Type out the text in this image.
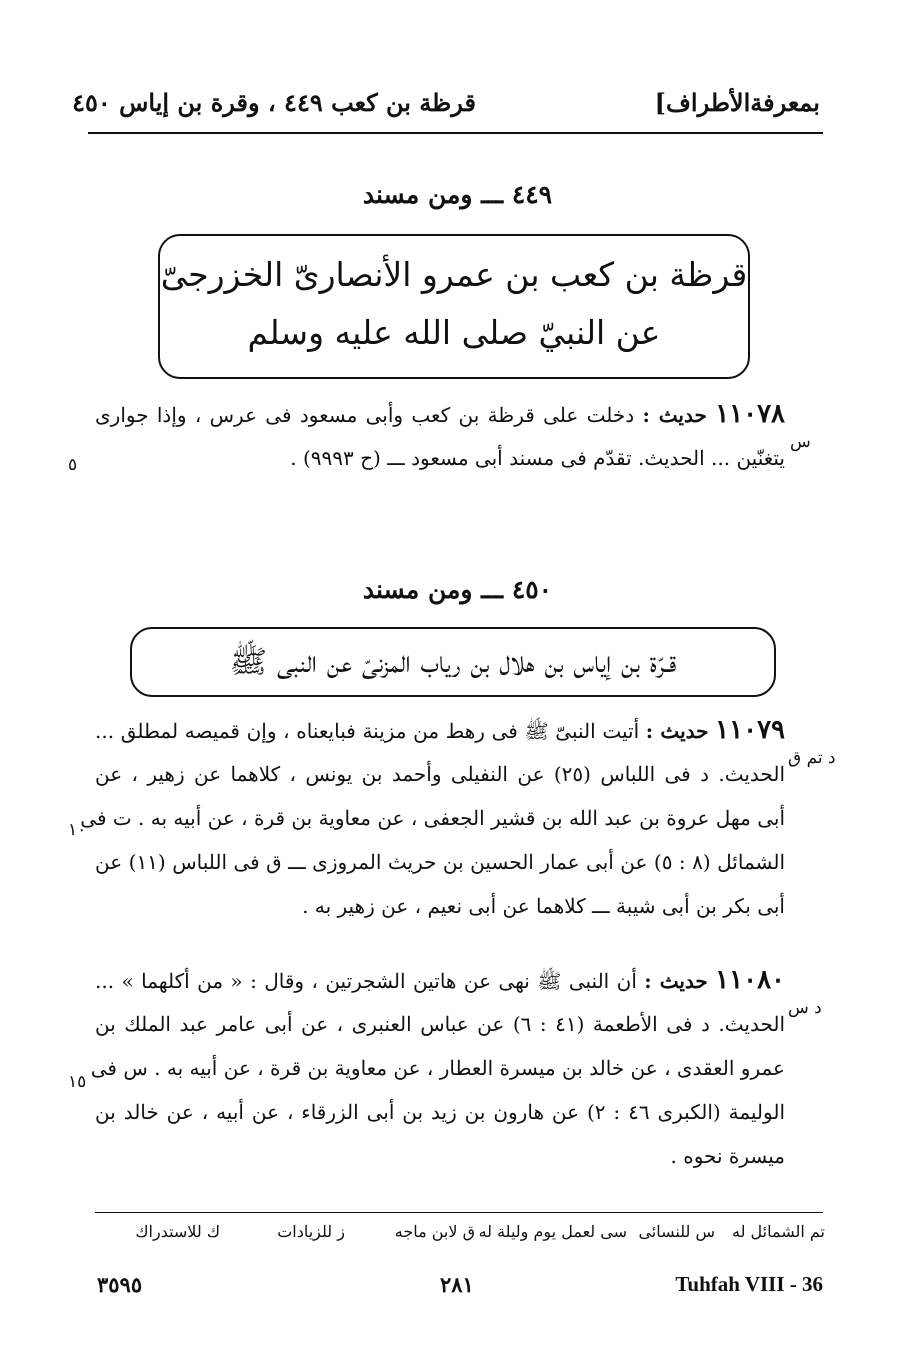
بمعرفةالأطراف]
قرظة بن كعب ٤٤٩ ، وقرة بن إياس ٤٥٠
٤٤٩ ـــ ومن مسند
قرظة بن كعب بن عمرو الأنصارىّ الخزرجىّ
عن النبيّ صلى الله عليه وسلم
١١٠٧٨ حديث : دخلت على قرظة بن كعب وأبى مسعود فى عرس ، وإذا جوارى
يتغنّين ... الحديث. تقدّم فى مسند أبى مسعود ـــ (ح ٩٩٩٣) .
س
٥
٤٥٠ ـــ ومن مسند
قـرّة بن إياس بن هلال بن رياب المزنىّ عن النبى ﷺ
١١٠٧٩ حديث : أتيت النبىّ ﷺ فى رهط من مزينة فبايعناه ، وإن قميصه لمطلق ...
الحديث. د فى اللباس (٢٥) عن النفيلى وأحمد بن يونس ، كلاهما عن زهير ، عن
أبى مهل عروة بن عبد الله بن قشير الجعفى ، عن معاوية بن قرة ، عن أبيه به . ت فى
الشمائل (٨ : ٥) عن أبى عمار الحسين بن حريث المروزى ـــ ق فى اللباس (١١) عن
أبى بكر بن أبى شيبة ـــ كلاهما عن أبى نعيم ، عن زهير به .
د تم ق
١٠
١١٠٨٠ حديث : أن النبى ﷺ نهى عن هاتين الشجرتين ، وقال : « من أكلهما » ...
الحديث. د فى الأطعمة (٤١ : ٦) عن عباس العنبرى ، عن أبى عامر عبد الملك بن
عمرو العقدى ، عن خالد بن ميسرة العطار ، عن معاوية بن قرة ، عن أبيه به . س فى
الوليمة (الكبرى ٤٦ : ٢) عن هارون بن زيد بن أبى الزرقاء ، عن أبيه ، عن خالد بن
ميسرة نحوه .
د س
١٥
تم الشمائل له
س للنسائى
سى لعمل يوم وليلة له
ق لابن ماجه
ز للزيادات
ك للاستدراك
٣٥٩٥	٢٨١	Tuhfah VIII - 36
